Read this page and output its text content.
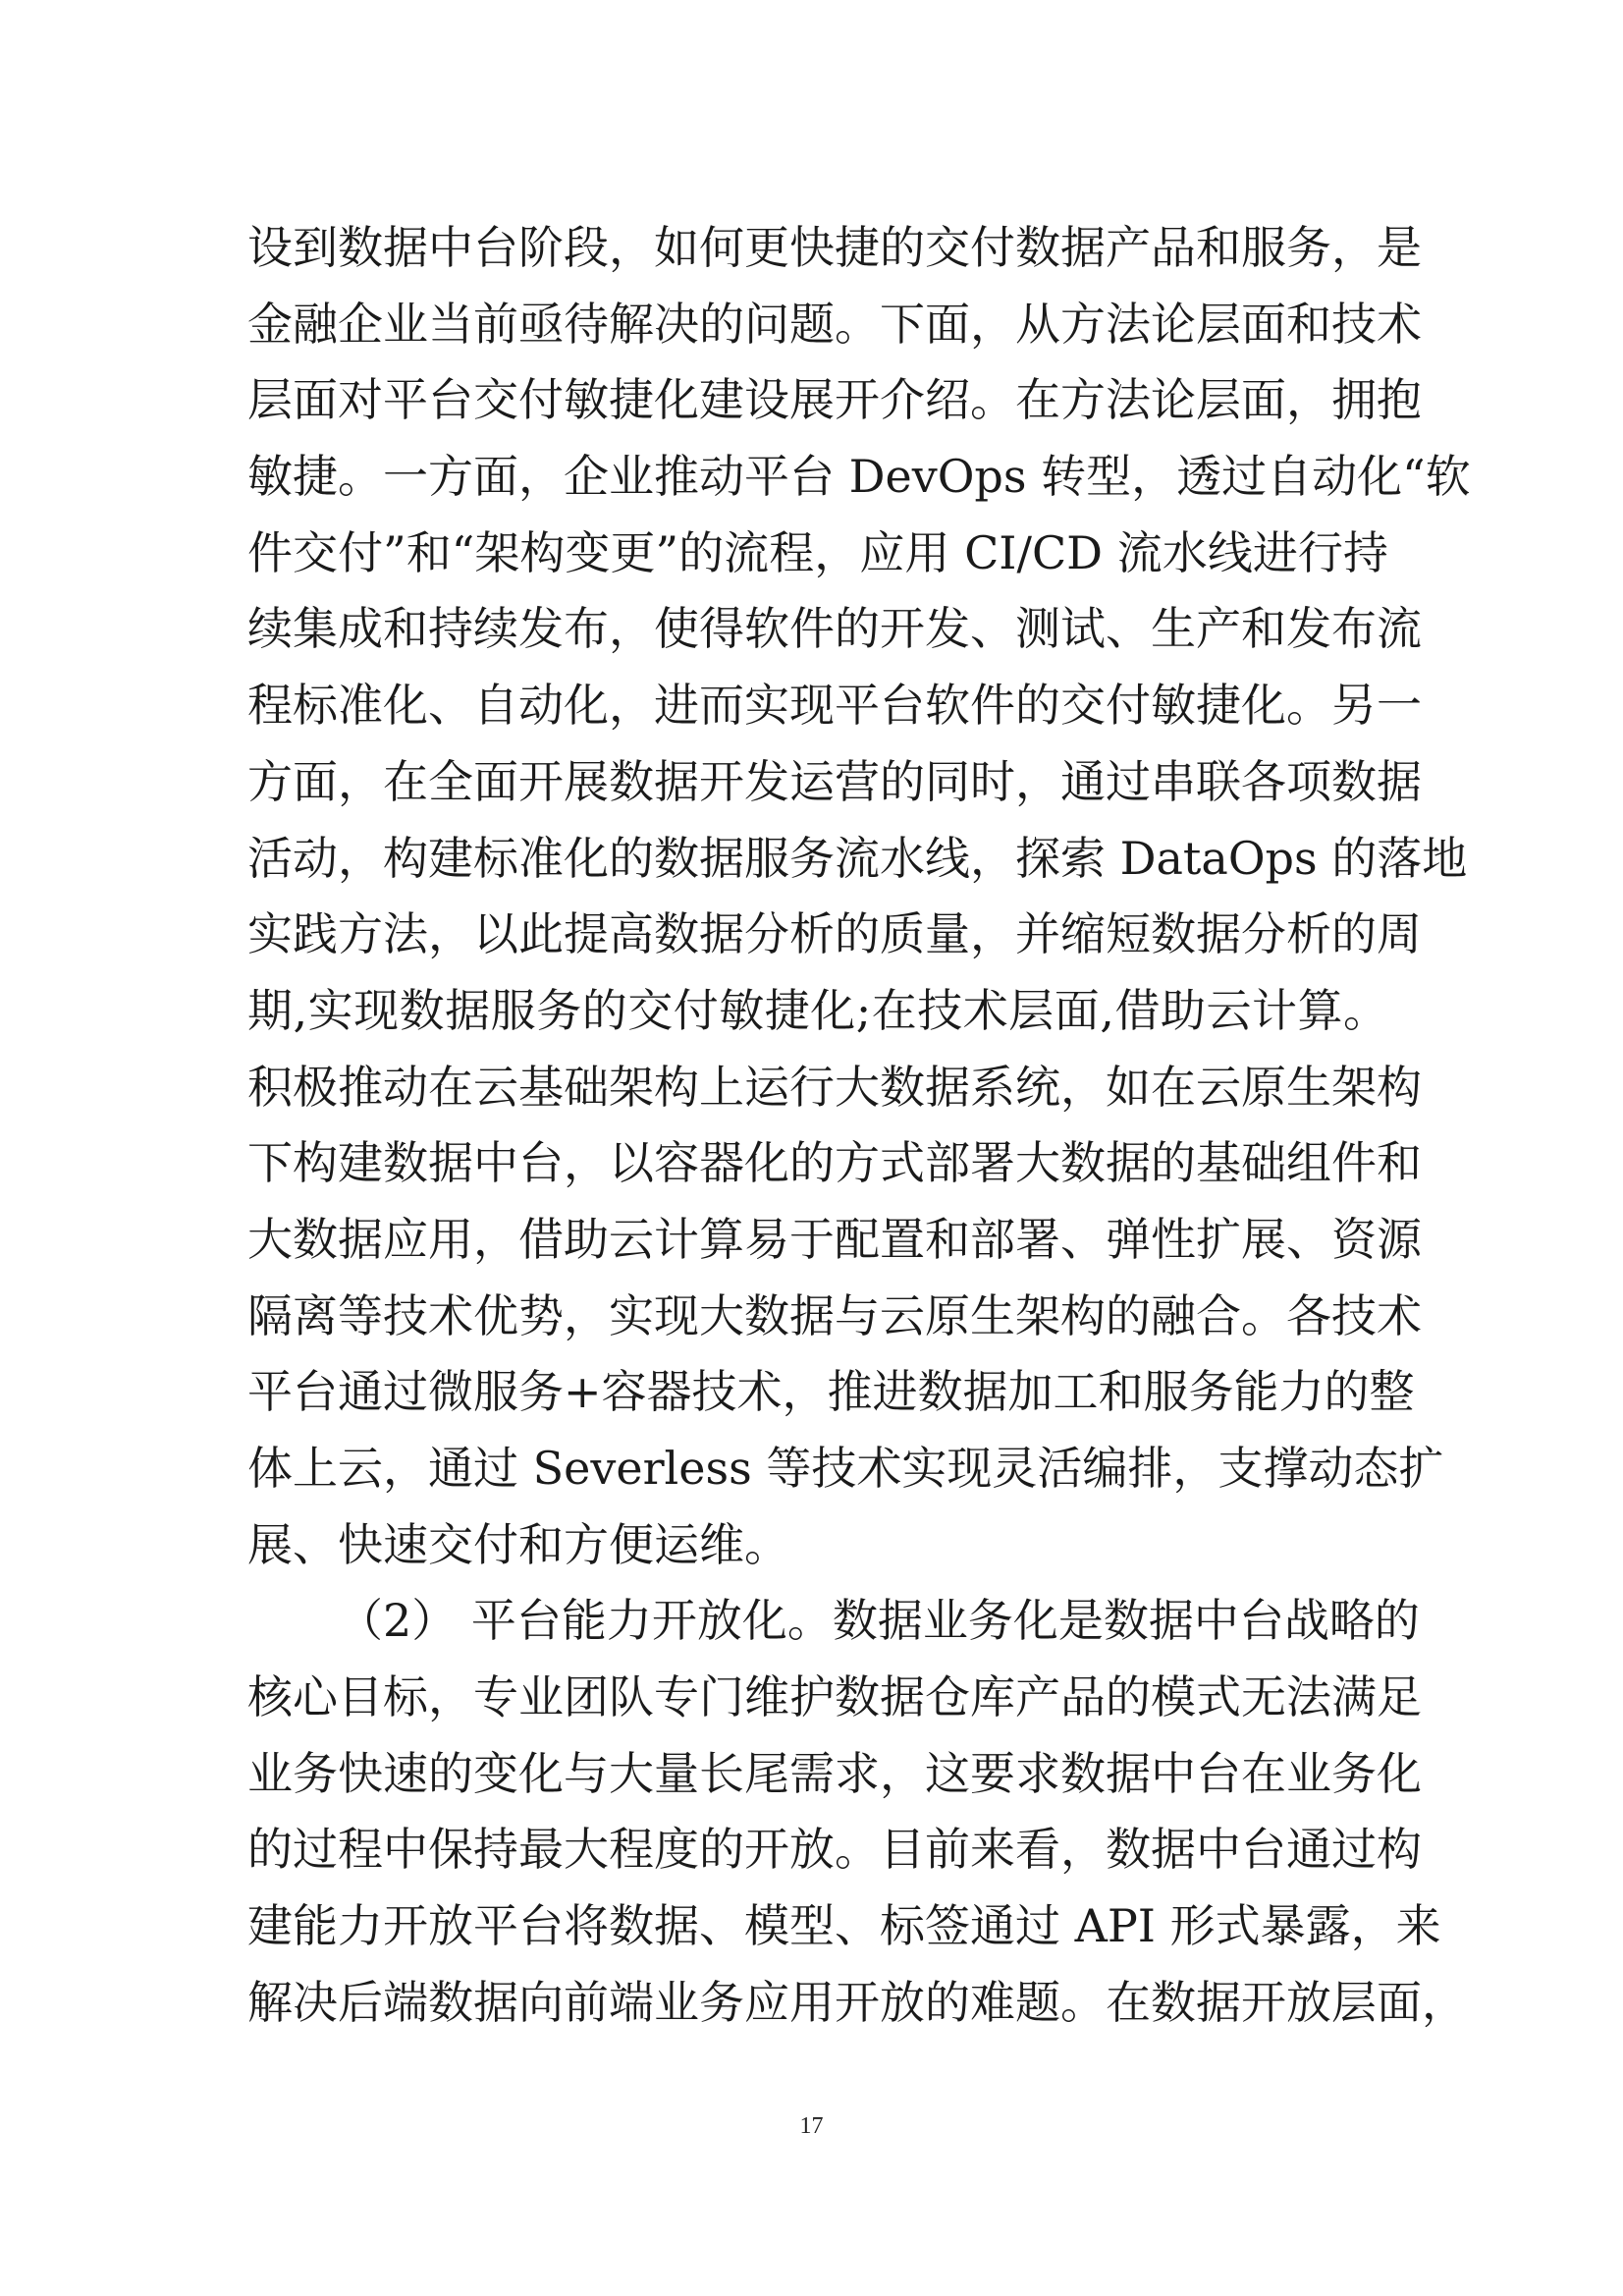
设到数据中台阶段，如何更快捷的交付数据产品和服务，是
金融企业当前亟待解决的问题。下面，从方法论层面和技术
层面对平台交付敏捷化建设展开介绍。在方法论层面，拥抱
敏捷。一方面，企业推动平台 DevOps 转型，透过自动化“软
件交付”和“架构变更”的流程，应用 CI/CD 流水线进行持
续集成和持续发布，使得软件的开发、测试、生产和发布流
程标准化、自动化，进而实现平台软件的交付敏捷化。另一
方面，在全面开展数据开发运营的同时，通过串联各项数据
活动，构建标准化的数据服务流水线，探索 DataOps 的落地
实践方法，以此提高数据分析的质量，并缩短数据分析的周
期,实现数据服务的交付敏捷化;在技术层面,借助云计算。
积极推动在云基础架构上运行大数据系统，如在云原生架构
下构建数据中台，以容器化的方式部署大数据的基础组件和
大数据应用，借助云计算易于配置和部署、弹性扩展、资源
隔离等技术优势，实现大数据与云原生架构的融合。各技术
平台通过微服务+容器技术，推进数据加工和服务能力的整
体上云，通过 Severless 等技术实现灵活编排，支撑动态扩
展、快速交付和方便运维。
（2） 平台能力开放化。数据业务化是数据中台战略的
核心目标，专业团队专门维护数据仓库产品的模式无法满足
业务快速的变化与大量长尾需求，这要求数据中台在业务化
的过程中保持最大程度的开放。目前来看，数据中台通过构
建能力开放平台将数据、模型、标签通过 API 形式暴露，来
解决后端数据向前端业务应用开放的难题。在数据开放层面，
17
